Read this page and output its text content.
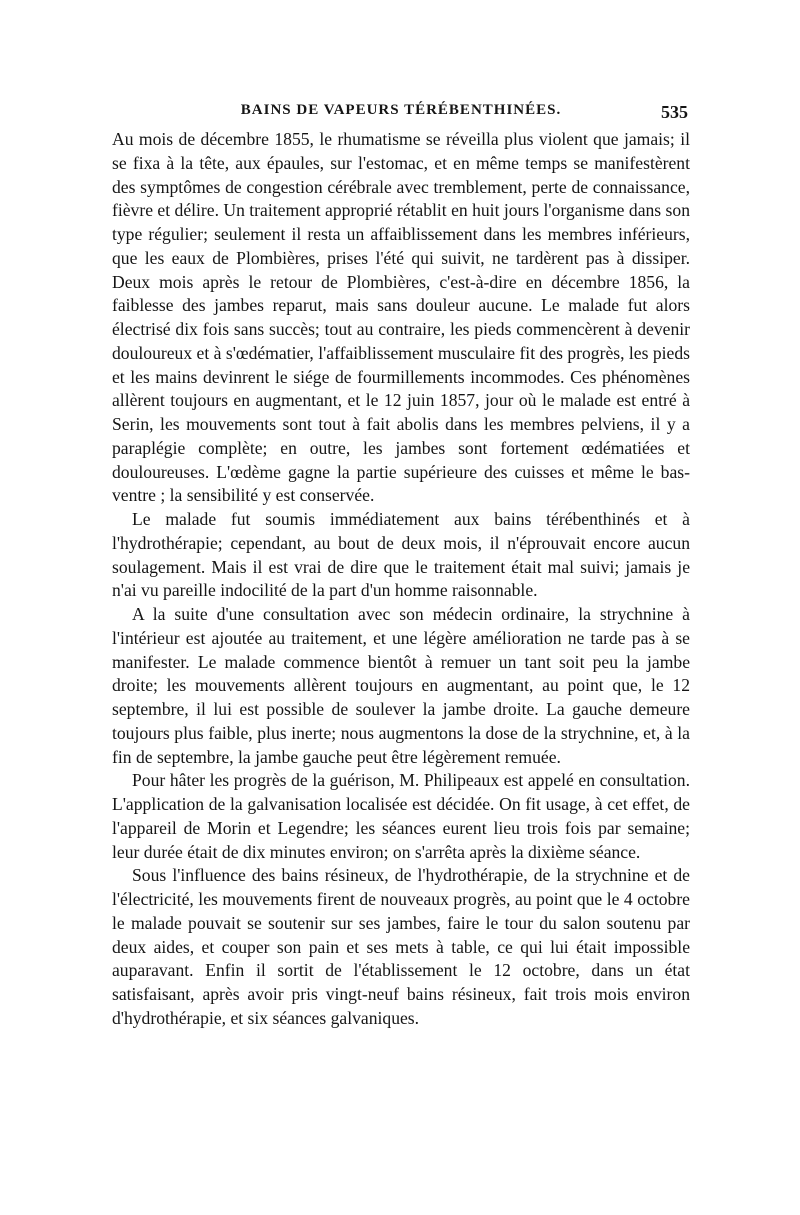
BAINS DE VAPEURS TÉRÉBENTHINÉES.	535

Au mois de décembre 1855, le rhumatisme se réveilla plus violent que jamais; il se fixa à la tête, aux épaules, sur l'estomac, et en même temps se manifestèrent des symptômes de congestion cérébrale avec tremblement, perte de connaissance, fièvre et délire. Un traitement approprié rétablit en huit jours l'organisme dans son type régulier; seulement il resta un affaiblissement dans les membres inférieurs, que les eaux de Plombières, prises l'été qui suivit, ne tardèrent pas à dissiper. Deux mois après le retour de Plombières, c'est-à-dire en décembre 1856, la faiblesse des jambes reparut, mais sans douleur aucune. Le malade fut alors électrisé dix fois sans succès; tout au contraire, les pieds commencèrent à devenir douloureux et à s'œdématier, l'affaiblissement musculaire fit des progrès, les pieds et les mains devinrent le siége de fourmillements incommodes. Ces phénomènes allèrent toujours en augmentant, et le 12 juin 1857, jour où le malade est entré à Serin, les mouvements sont tout à fait abolis dans les membres pelviens, il y a paraplégie complète; en outre, les jambes sont fortement œdématiées et douloureuses. L'œdème gagne la partie supérieure des cuisses et même le bas-ventre ; la sensibilité y est conservée.

Le malade fut soumis immédiatement aux bains térébenthinés et à l'hydrothérapie; cependant, au bout de deux mois, il n'éprouvait encore aucun soulagement. Mais il est vrai de dire que le traitement était mal suivi; jamais je n'ai vu pareille indocilité de la part d'un homme raisonnable.

A la suite d'une consultation avec son médecin ordinaire, la strychnine à l'intérieur est ajoutée au traitement, et une légère amélioration ne tarde pas à se manifester. Le malade commence bientôt à remuer un tant soit peu la jambe droite; les mouvements allèrent toujours en augmentant, au point que, le 12 septembre, il lui est possible de soulever la jambe droite. La gauche demeure toujours plus faible, plus inerte; nous augmentons la dose de la strychnine, et, à la fin de septembre, la jambe gauche peut être légèrement remuée.

Pour hâter les progrès de la guérison, M. Philipeaux est appelé en consultation. L'application de la galvanisation localisée est décidée. On fit usage, à cet effet, de l'appareil de Morin et Legendre; les séances eurent lieu trois fois par semaine; leur durée était de dix minutes environ; on s'arrêta après la dixième séance.

Sous l'influence des bains résineux, de l'hydrothérapie, de la strychnine et de l'électricité, les mouvements firent de nouveaux progrès, au point que le 4 octobre le malade pouvait se soutenir sur ses jambes, faire le tour du salon soutenu par deux aides, et couper son pain et ses mets à table, ce qui lui était impossible auparavant. Enfin il sortit de l'établissement le 12 octobre, dans un état satisfaisant, après avoir pris vingt-neuf bains résineux, fait trois mois environ d'hydrothérapie, et six séances galvaniques.
